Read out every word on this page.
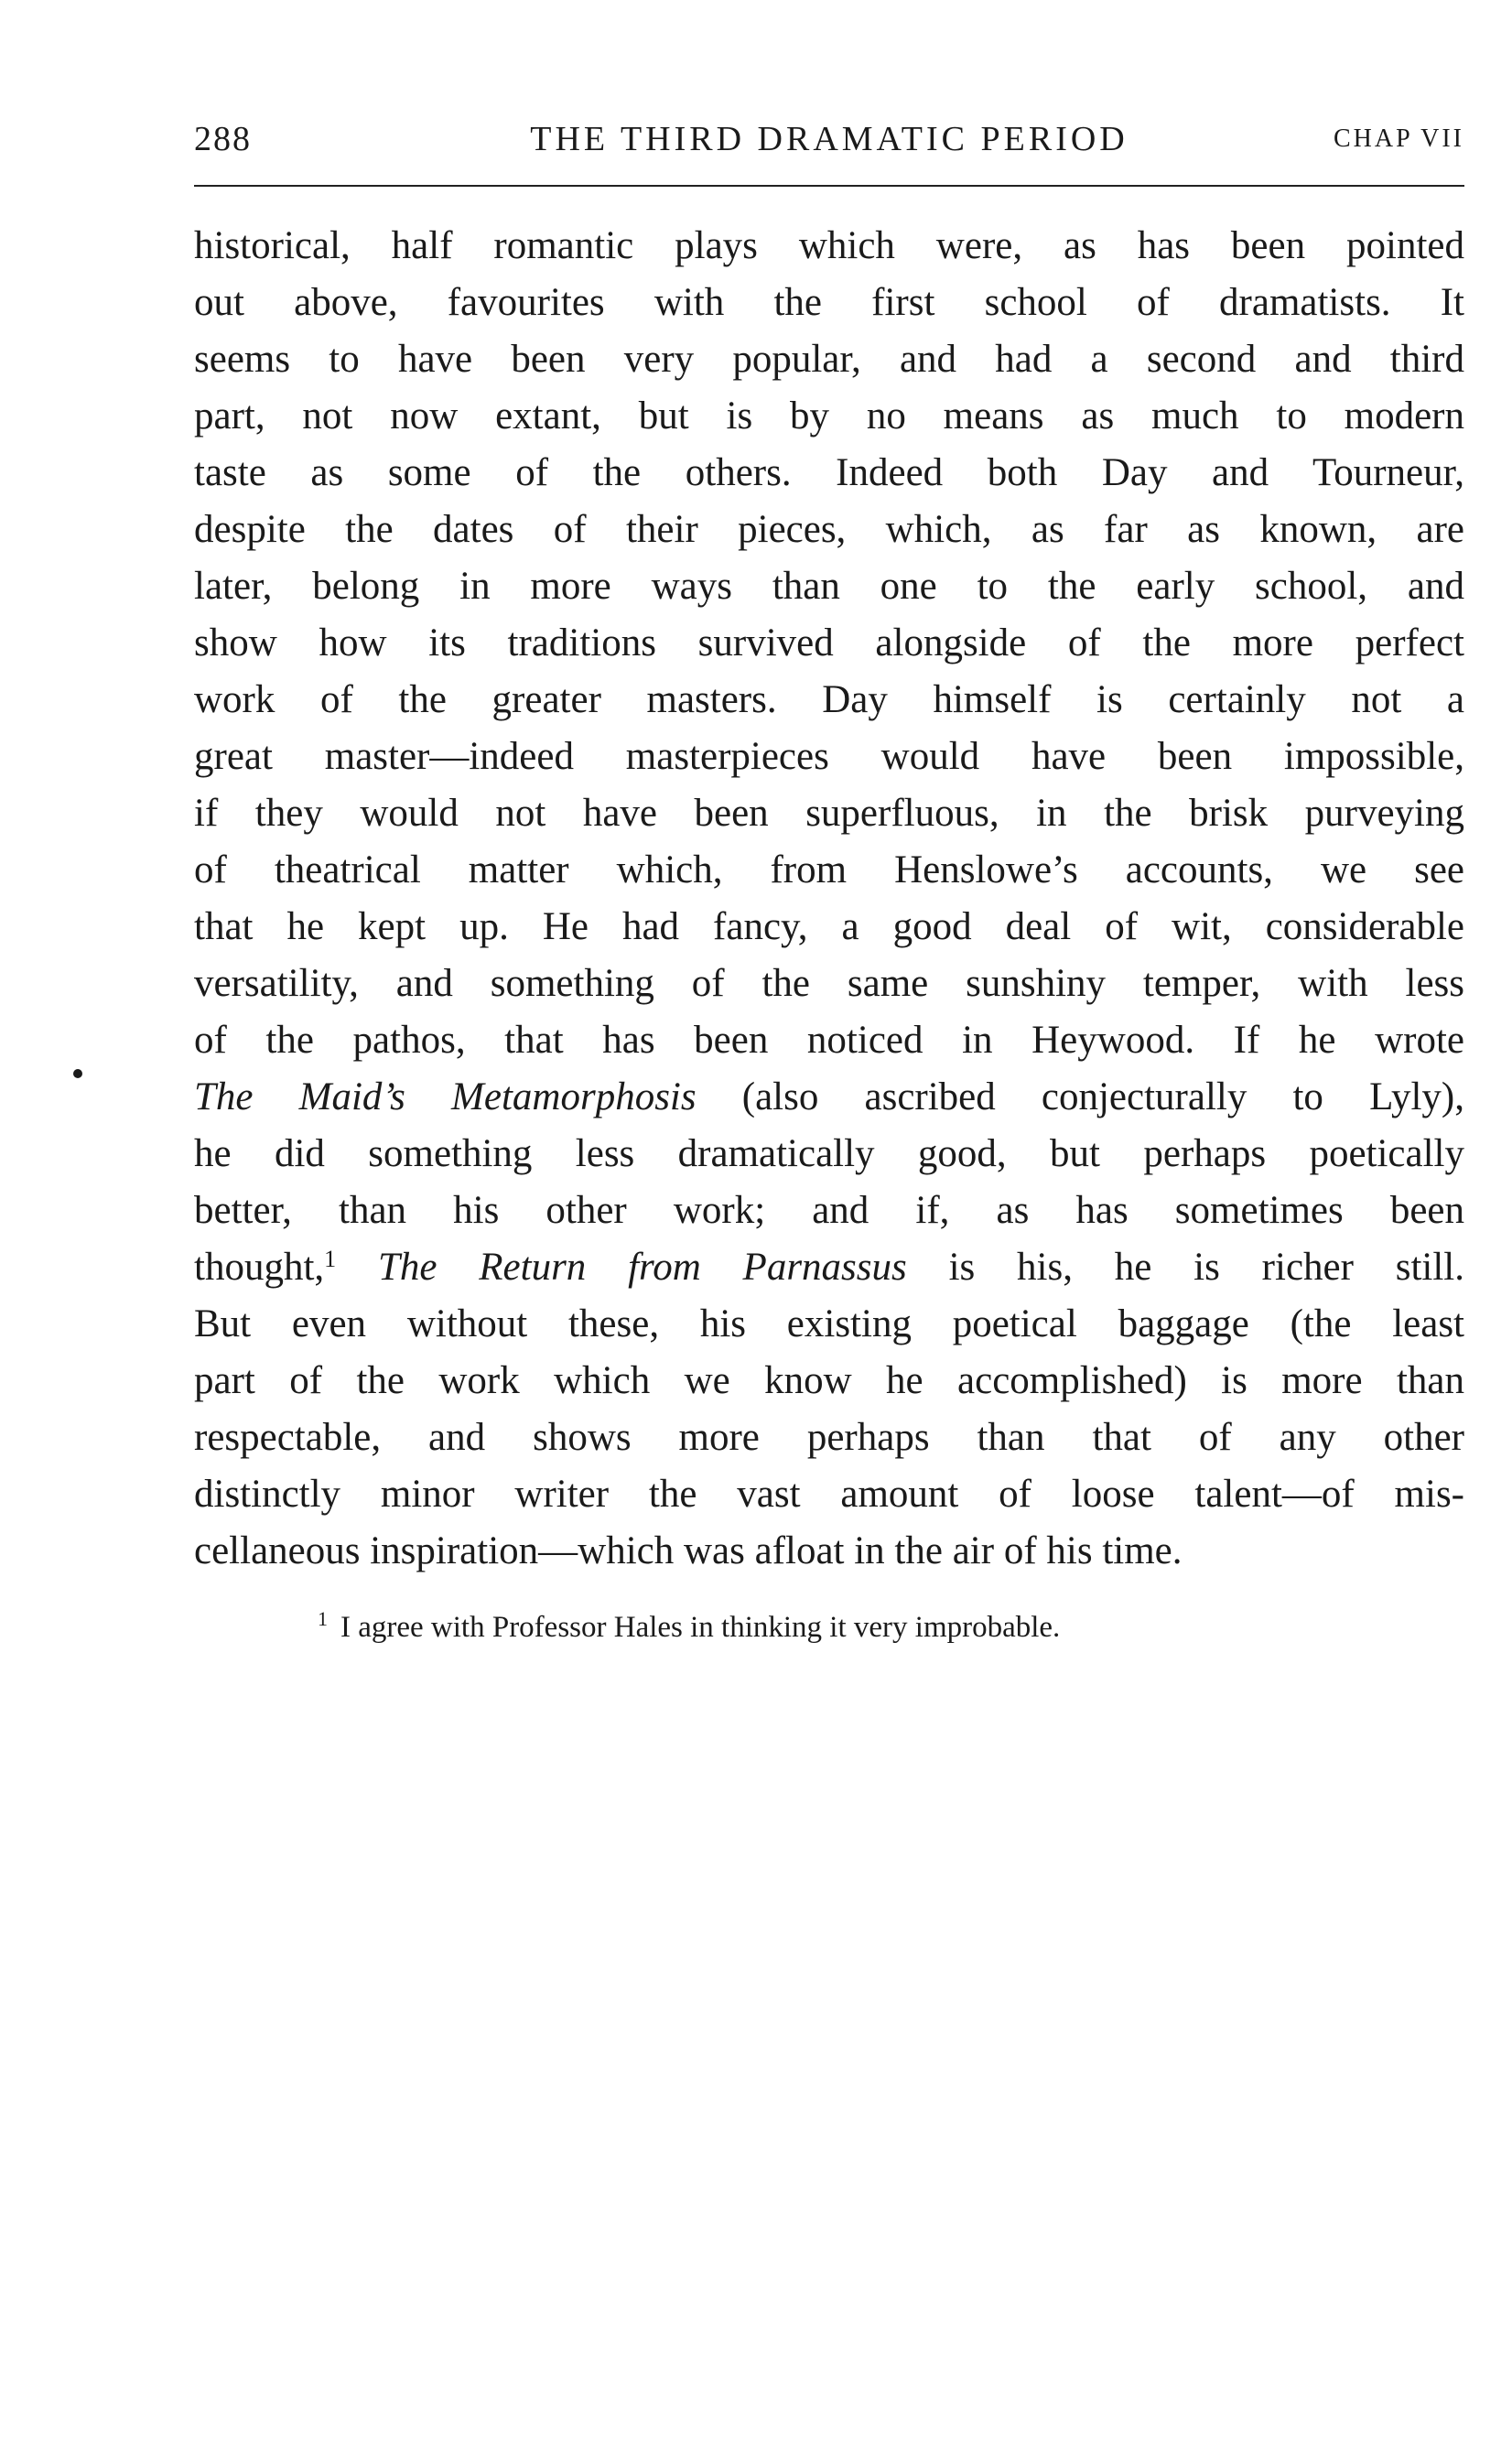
288	THE THIRD DRAMATIC PERIOD	CHAP VII
historical, half romantic plays which were, as has been pointed
out above, favourites with the first school of dramatists. It
seems to have been very popular, and had a second and third
part, not now extant, but is by no means as much to modern
taste as some of the others. Indeed both Day and Tourneur,
despite the dates of their pieces, which, as far as known, are
later, belong in more ways than one to the early school, and
show how its traditions survived alongside of the more perfect
work of the greater masters. Day himself is certainly not a
great master—indeed masterpieces would have been impossible,
if they would not have been superfluous, in the brisk purveying
of theatrical matter which, from Henslowe’s accounts, we see
that he kept up. He had fancy, a good deal of wit, considerable
versatility, and something of the same sunshiny temper, with less
of the pathos, that has been noticed in Heywood. If he wrote
The Maid’s Metamorphosis (also ascribed conjecturally to Lyly),
he did something less dramatically good, but perhaps poetically
better, than his other work; and if, as has sometimes been
thought,$^1$ The Return from Parnassus is his, he is richer still.
But even without these, his existing poetical baggage (the least
part of the work which we know he accomplished) is more than
respectable, and shows more perhaps than that of any other
distinctly minor writer the vast amount of loose talent—of mis-
cellaneous inspiration—which was afloat in the air of his time.
$^1$ I agree with Professor Hales in thinking it very improbable.
